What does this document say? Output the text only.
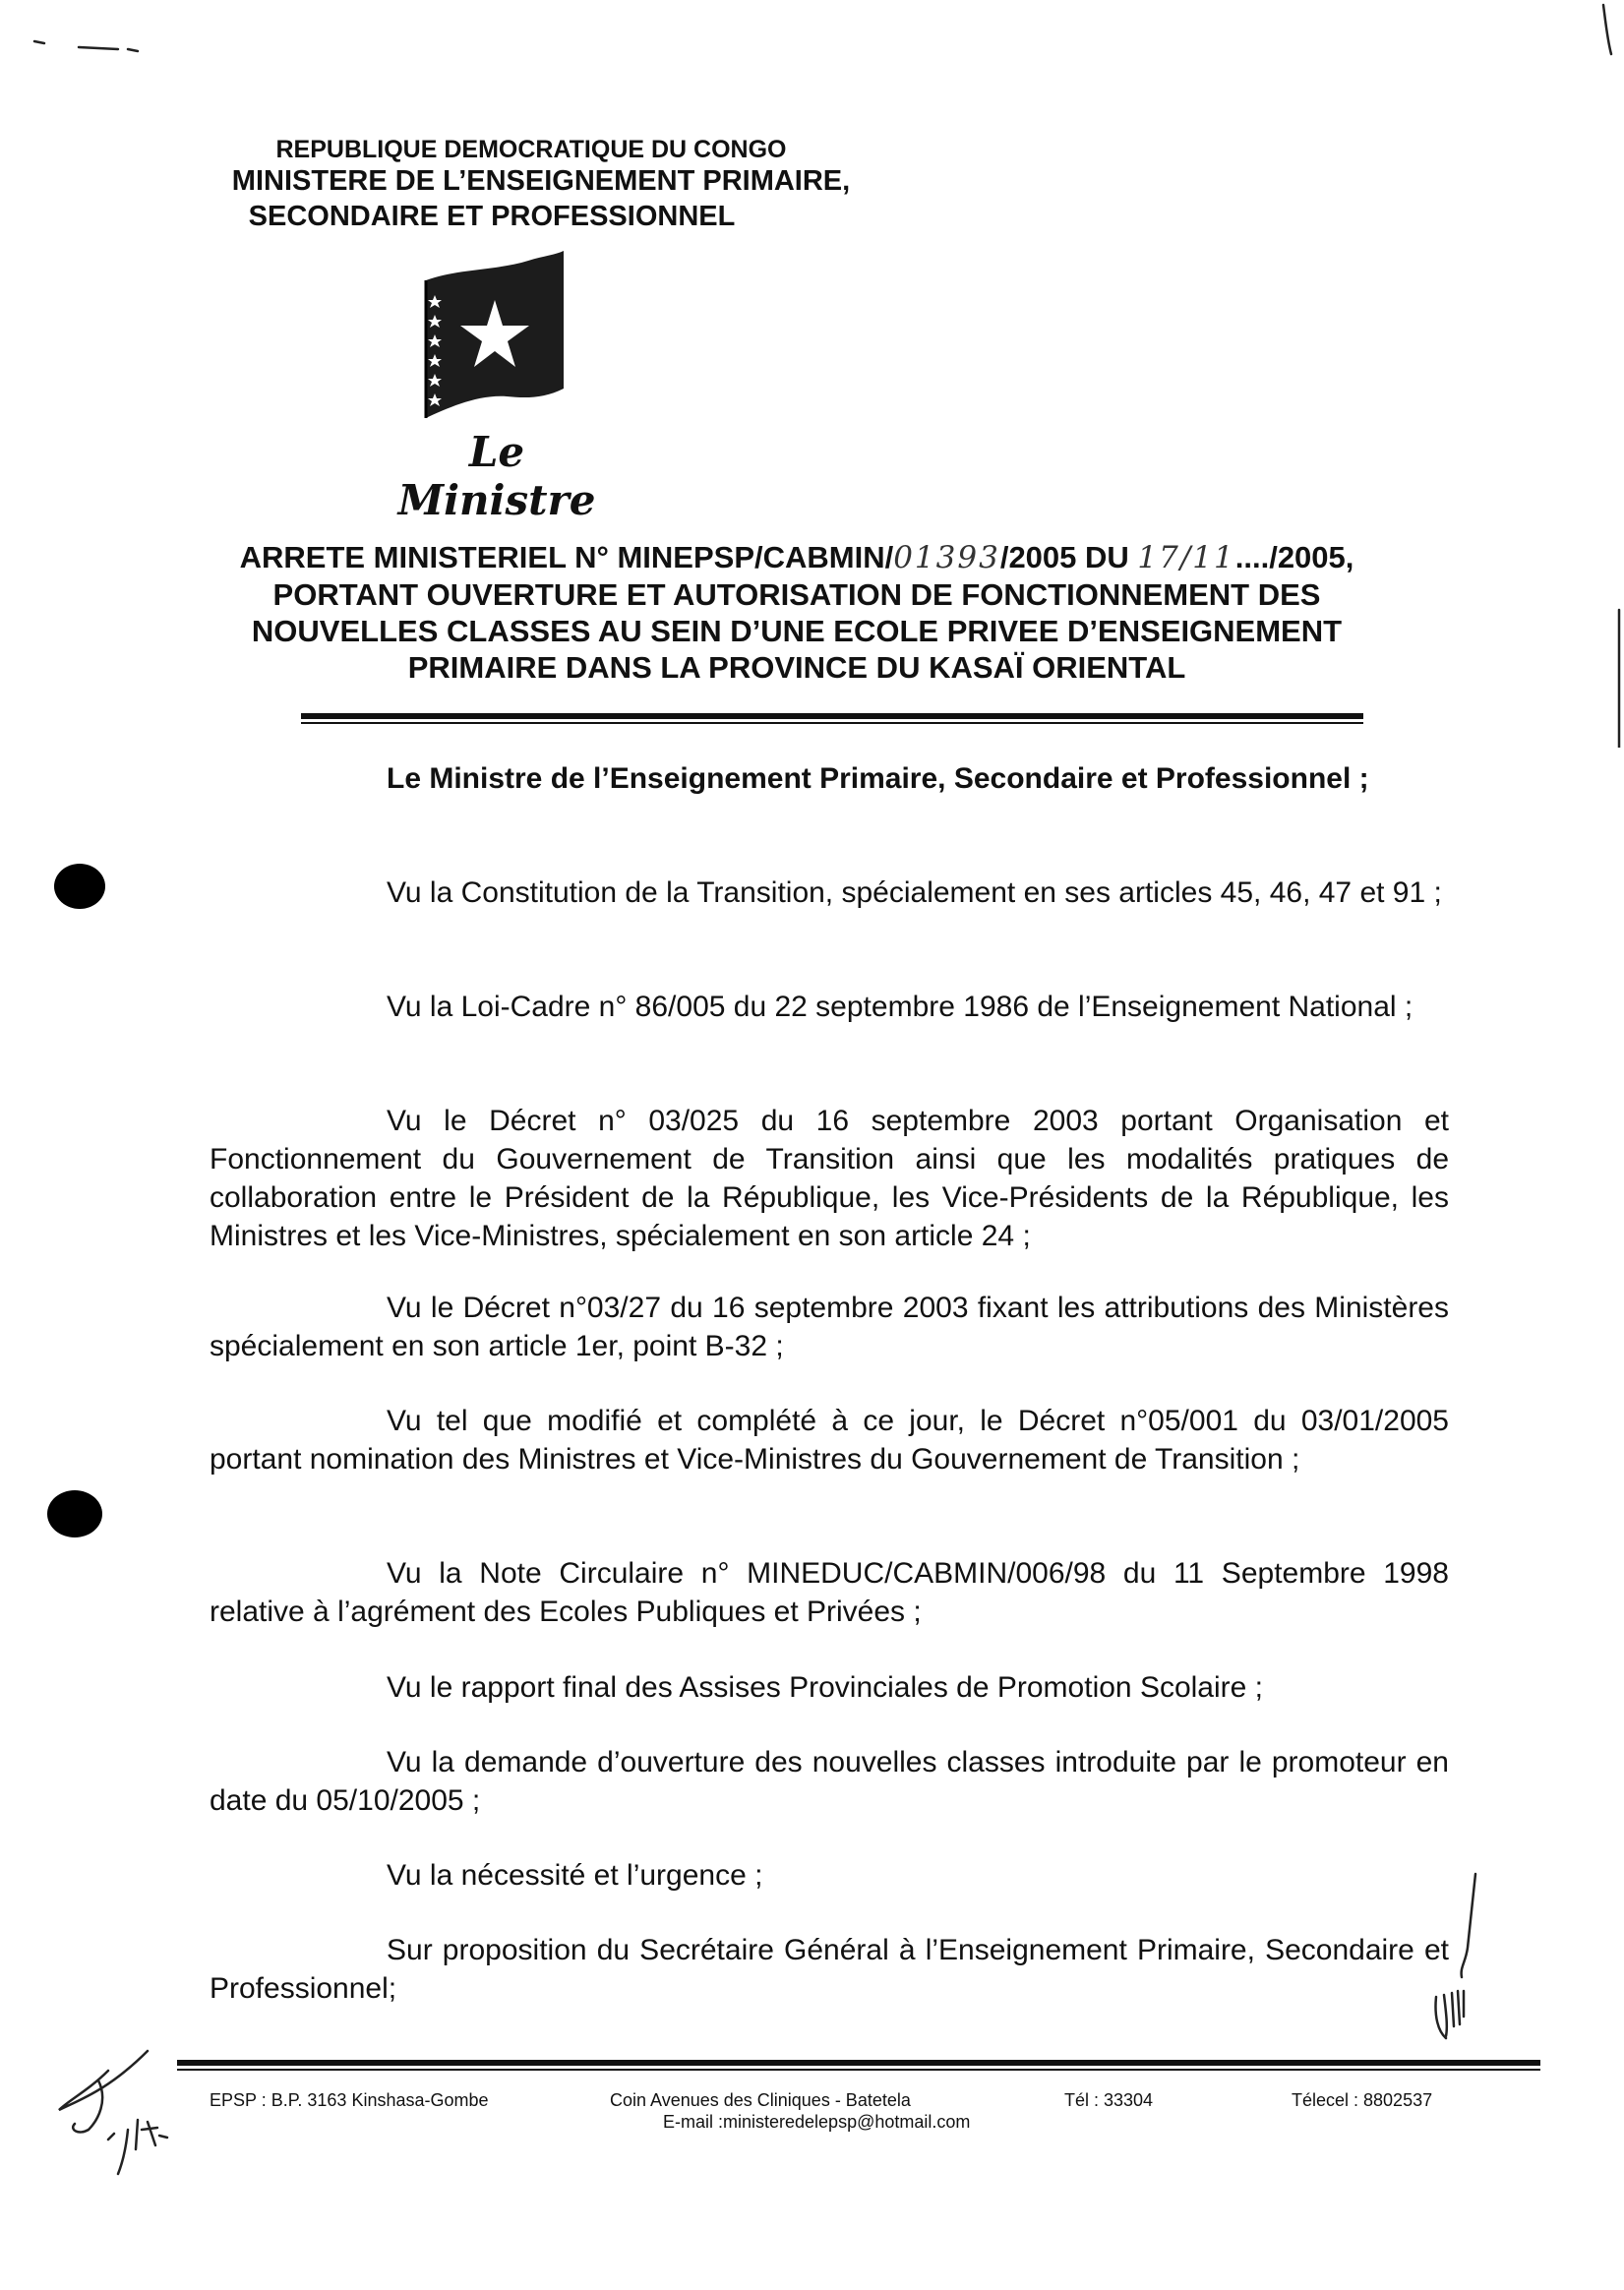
REPUBLIQUE DEMOCRATIQUE DU CONGO
MINISTERE DE L’ENSEIGNEMENT PRIMAIRE,
SECONDAIRE ET PROFESSIONNEL
Le Ministre
ARRETE MINISTERIEL N° MINEPSP/CABMIN/01393/2005 DU 17/11..../2005,
PORTANT OUVERTURE ET AUTORISATION DE FONCTIONNEMENT DES
NOUVELLES CLASSES AU SEIN D’UNE ECOLE PRIVEE D’ENSEIGNEMENT
PRIMAIRE DANS LA PROVINCE DU KASAÏ ORIENTAL
Le Ministre de l’Enseignement Primaire, Secondaire et Professionnel ;
Vu la Constitution de la Transition, spécialement en ses articles 45, 46, 47 et 91 ;
Vu la Loi-Cadre n° 86/005 du 22 septembre 1986 de l’Enseignement National ;
Vu le Décret n° 03/025 du 16 septembre 2003 portant Organisation et Fonctionnement du Gouvernement de Transition ainsi que les modalités pratiques de collaboration entre le Président de la République, les Vice-Présidents de la République, les Ministres et les Vice-Ministres, spécialement en son article 24 ;
Vu le Décret n°03/27 du 16 septembre 2003 fixant les attributions des Ministères spécialement en son article 1er, point B-32 ;
Vu tel que modifié et complété à ce jour, le Décret n°05/001 du 03/01/2005 portant nomination des Ministres et Vice-Ministres du Gouvernement de Transition ;
Vu la Note Circulaire n° MINEDUC/CABMIN/006/98 du 11 Septembre 1998 relative à l’agrément des Ecoles Publiques et Privées ;
Vu le rapport final des Assises Provinciales de Promotion Scolaire ;
Vu la demande d’ouverture des nouvelles classes introduite par le promoteur en date du 05/10/2005 ;
Vu la nécessité et l’urgence ;
Sur proposition du Secrétaire Général à l’Enseignement Primaire, Secondaire et Professionnel;
EPSP : B.P. 3163 Kinshasa-Gombe	Coin Avenues des Cliniques - Batetela
E-mail :ministeredelepsp@hotmail.com
Tél : 33304	Télecel : 8802537
